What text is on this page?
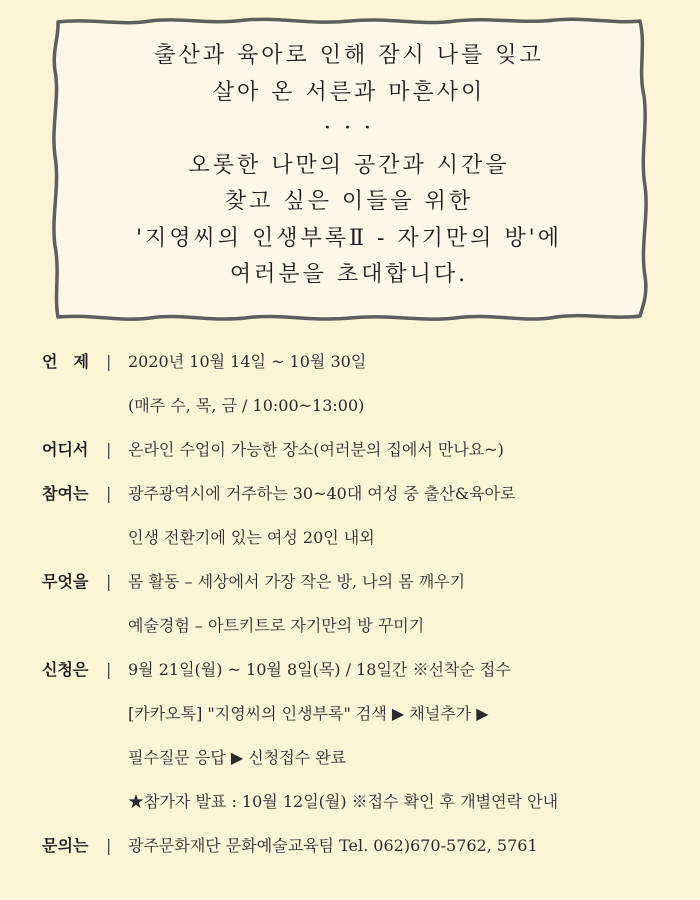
출산과 육아로 인해 잠시 나를 잊고
살아 온 서른과 마흔사이
· · ·
오롯한 나만의 공간과 시간을
찾고 싶은 이들을 위한
'지영씨의 인생부록Ⅱ - 자기만의 방'에
여러분을 초대합니다.
언　제	|	2020년 10월 14일 ~ 10월 30일
(매주 수, 목, 금 / 10:00~13:00)
어디서	|	온라인 수업이 가능한 장소(여러분의 집에서 만나요~)
참여는	|	광주광역시에 거주하는 30~40대 여성 중 출산&육아로
인생 전환기에 있는 여성 20인 내외
무엇을	|	몸 활동 – 세상에서 가장 작은 방, 나의 몸 깨우기
예술경험 – 아트키트로 자기만의 방 꾸미기
신청은	|	9월 21일(월) ~ 10월 8일(목) / 18일간 ※선착순 접수
[카카오톡] "지영씨의 인생부록" 검색 ▶ 채널추가 ▶
필수질문 응답 ▶ 신청접수 완료
★참가자 발표 : 10월 12일(월) ※접수 확인 후 개별연락 안내
문의는	|	광주문화재단 문화예술교육팀 Tel. 062)670-5762, 5761
